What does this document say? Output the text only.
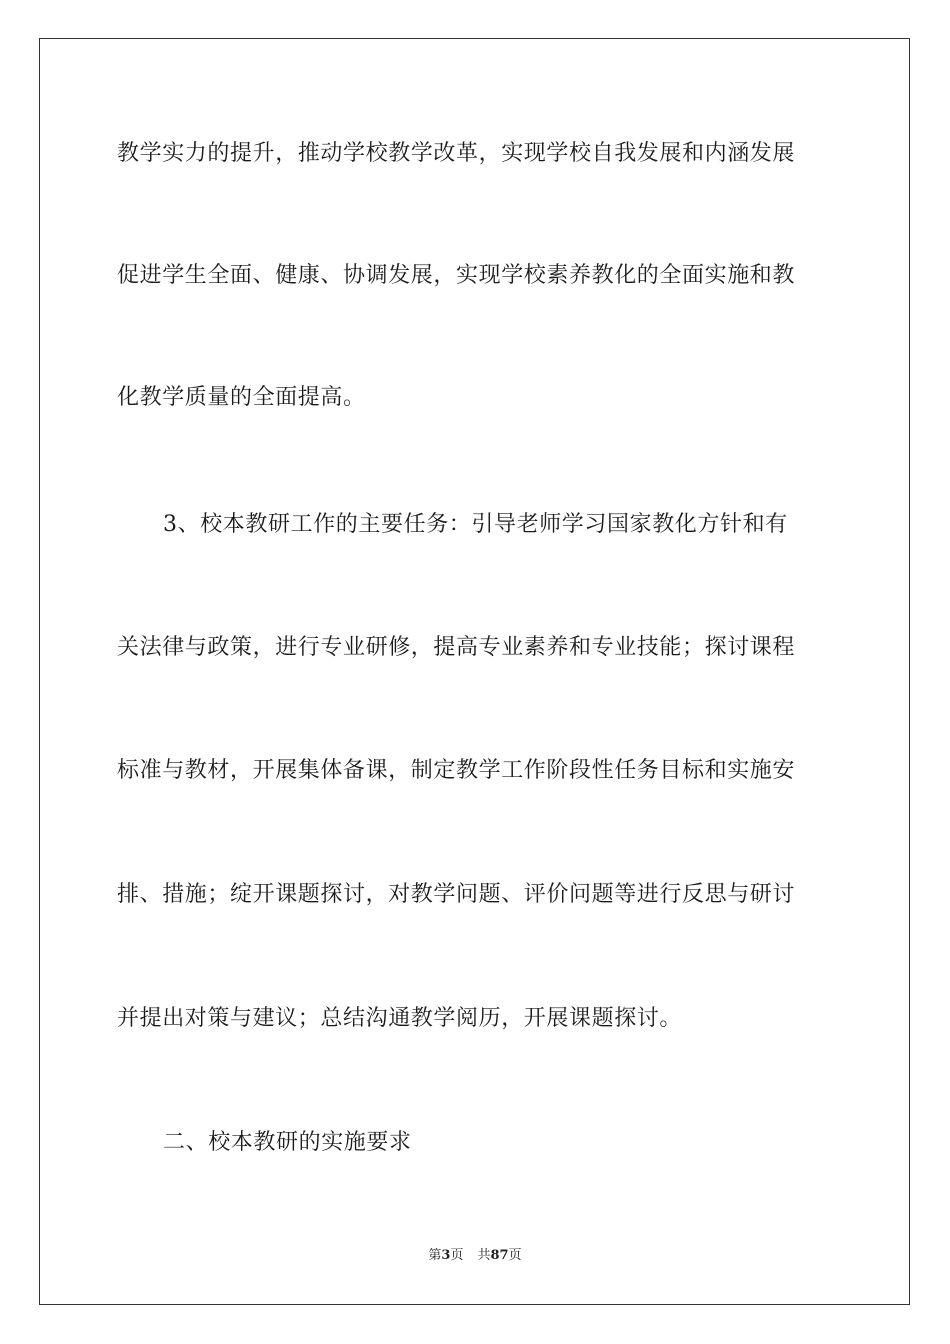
教学实力的提升，推动学校教学改革，实现学校自我发展和内涵发展
促进学生全面、健康、协调发展，实现学校素养教化的全面实施和教
化教学质量的全面提高。
3、校本教研工作的主要任务：引导老师学习国家教化方针和有
关法律与政策，进行专业研修，提高专业素养和专业技能；探讨课程
标准与教材，开展集体备课，制定教学工作阶段性任务目标和实施安
排、措施；绽开课题探讨，对教学问题、评价问题等进行反思与研讨
并提出对策与建议；总结沟通教学阅历，开展课题探讨。
二、校本教研的实施要求
第3页 共87页
